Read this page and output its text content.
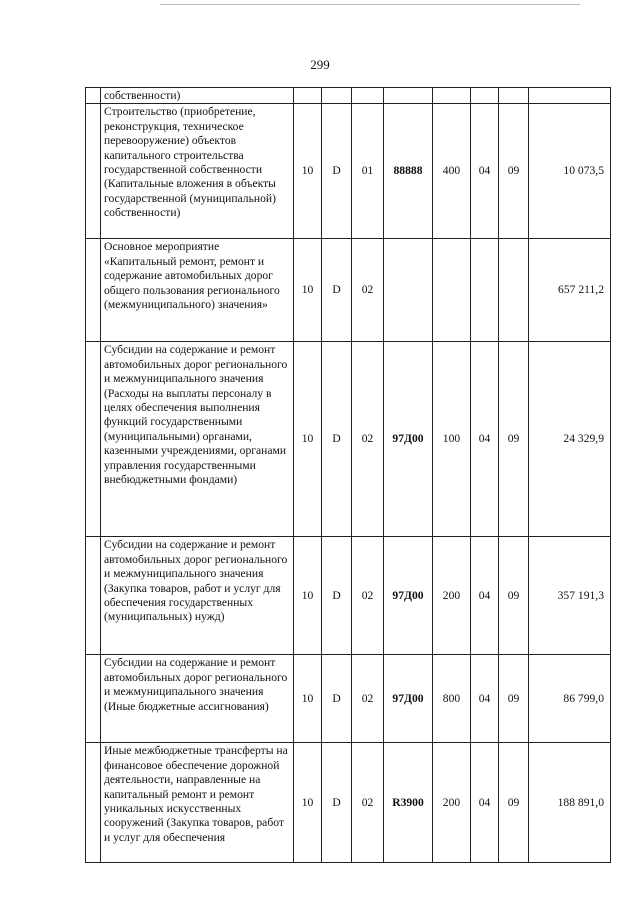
299
	собственности)								
	Строительство (приобретение, реконструкция, техническое перевооружение) объектов капитального строительства государственной собственности (Капитальные вложения в объекты государственной (муниципальной) собственности)	10	D	01	88888	400	04	09	10 073,5
	Основное мероприятие «Капитальный ремонт, ремонт и содержание автомобильных дорог общего пользования регионального (межмуниципального) значения»	10	D	02					657 211,2
	Субсидии на содержание и ремонт автомобильных дорог регионального и межмуниципального значения (Расходы на выплаты персоналу в целях обеспечения выполнения функций государственными (муниципальными) органами, казенными учреждениями, органами управления государственными внебюджетными фондами)	10	D	02	97Д00	100	04	09	24 329,9
	Субсидии на содержание и ремонт автомобильных дорог регионального и межмуниципального значения (Закупка товаров, работ и услуг для обеспечения государственных (муниципальных) нужд)	10	D	02	97Д00	200	04	09	357 191,3
	Субсидии на содержание и ремонт автомобильных дорог регионального и межмуниципального значения (Иные бюджетные ассигнования)	10	D	02	97Д00	800	04	09	86 799,0
	Иные межбюджетные трансферты на финансовое обеспечение дорожной деятельности, направленные на капитальный ремонт и ремонт уникальных искусственных сооружений (Закупка товаров, работ и услуг для обеспечения	10	D	02	R3900	200	04	09	188 891,0
